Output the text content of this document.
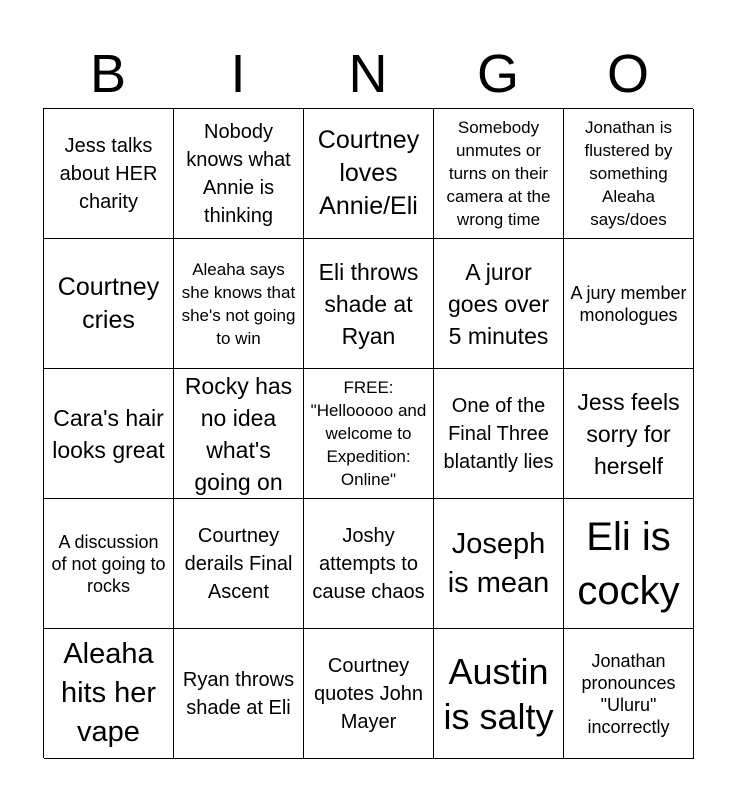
B	I	N	G	O
Jess talks about HER charity
Nobody knows what Annie is thinking
Courtney loves Annie/Eli
Somebody unmutes or turns on their camera at the wrong time
Jonathan is flustered by something Aleaha says/does
Courtney cries
Aleaha says she knows that she's not going to win
Eli throws shade at Ryan
A juror goes over 5 minutes
A jury member monologues
Cara's hair looks great
Rocky has no idea what's going on
FREE: "Hellooooo and welcome to Expedition: Online"
One of the Final Three blatantly lies
Jess feels sorry for herself
A discussion of not going to rocks
Courtney derails Final Ascent
Joshy attempts to cause chaos
Joseph is mean
Eli is cocky
Aleaha hits her vape
Ryan throws shade at Eli
Courtney quotes John Mayer
Austin is salty
Jonathan pronounces "Uluru" incorrectly
